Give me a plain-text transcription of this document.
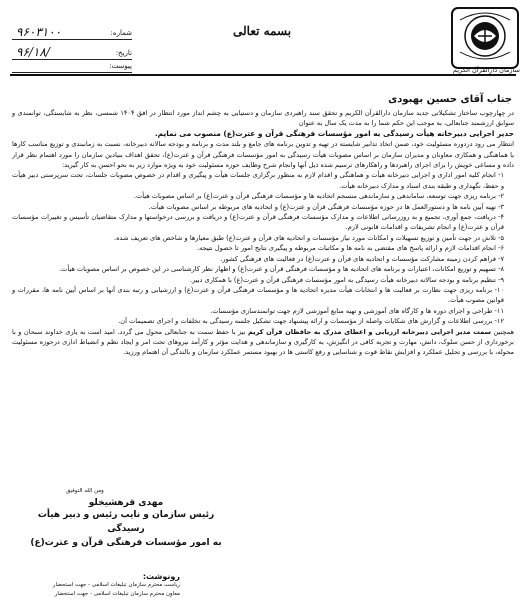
سازمان دارالقرآن الکریم
بسمه تعالی
شماره:
۹۶۰۳۱۰۰
تاریخ:
۹۶/۱۸/
پیوست:
جناب آقای حسین بهبودی

در چهارچوب ساختار تشکیلاتی جدید سازمان دارالقرآن الکریم و تحقق سند راهبردی سازمان و دستیابی به چشم انداز مورد انتظار در افق ۱۴۰۴ شمسی، نظر به شایستگی، توانمندی و سوابق ارزشمند جنابعالی، به موجب این حکم شما را به مدت یک سال به عنوان

حدیر اجرایی دبیرخانه هیأت رسیدگی به امور مؤسسات فرهنگی قرآن و عترت(ع) منصوب می نمایم.

انتظار می رود دردوره مسئولیت خود، ضمن اتخاذ تدابیر شایسته در تهیه و تدوین برنامه های جامع و بلند مدت و برنامه و بودجه سالانه دبیرخانه، نسبت به زمانبندی و توزیع مناسب کارها با هماهنگی و همکاری معاونان و مدیران سازمان بر اساس مصوبات هیأت رسیدگی به امور مؤسسات فرهنگی قرآن و عترت(ع)، تحقق اهداف بنیادین سازمان را مورد اهتمام نظر قرار داده و مساعی خویش را برای اجرای راهبردها و راهکارهای ترسیم شده ذیل آنها وانجام شرح وظایف حوزه مسئولیت خود به ویژه موارد زیر به نحو احسن به کار گیرید:

۱- انجام کلیه امور اداری و اجرایی دبیرخانه هیأت و هماهنگی و اقدام لازم به منظور برگزاری جلسات هیأت و پیگیری و اقدام در خصوص مصوبات جلسات، تحت سرپرستی دبیر هیأت و حفظ، نگهداری و طبقه بندی اسناد و مدارک دبیرخانه هیأت.
۲- برنامه ریزی جهت توسعه، ساماندهی و سازماندهی منسجم اتحادیه ها و مؤسسات فرهنگی قرآن و عترت(ع) بر اساس مصوبات هیأت.
۳- تهیه آیین نامه ها و دستورالعمل ها در حوزه مؤسسات فرهنگی قرآن و عترت(ع) و اتحادیه های مربوطه بر اساس مصوبات هیأت.
۴- دریافت، جمع آوری، تجمیع و به روزرسانی اطلاعات و مدارک مؤسسات فرهنگی قرآن و عترت(ع) و دریافت و بررسی درخواستها و مدارک متقاضیان تأسیس و تغییرات مؤسسات قرآن و عترت(ع) و انجام تشریفات و اقدامات قانونی لازم.
۵- تلاش در جهت تأمین و توزیع تسهیلات و امکانات مورد نیاز مؤسسات و اتحادیه های قرآن و عترت(ع) طبق معیارها و شاخص های تعریف شده.
۶- انجام اقدامات لازم و ارائه پاسخ های مقتضی به نامه ها و مکاتبات مربوطه و پیگیری نتایج امور تا حصول نتیجه.
۷- فراهم کردن زمینه مشارکت مؤسسات و اتحادیه های قرآن و عترت(ع) در فعالیت های فرهنگی کشور.
۸- تسهیم و توزیع امکانات، اعتبارات و برنامه های اتحادیه ها و مؤسسات فرهنگی قرآن و عترت(ع) و اظهار نظر کارشناسی در این خصوص بر اساس مصوبات هیأت.
۹- تنظیم برنامه و بودجه سالانه دبیرخانه هیأت رسیدگی به امور مؤسسات فرهنگی قرآن و عترت(ع) با همکاری دبیر.
۱۰- برنامه ریزی جهت نظارت بر فعالیت ها و انتخابات هیأت مدیره اتحادیه ها و مؤسسات فرهنگی قرآن و عترت(ع) و ارزشیابی و رتبه بندی آنها بر اساس آیین نامه ها، مقررات و قوانین مصوب هیأت.
۱۱- طراحی و اجرای دوره ها و کارگاه های آموزشی و تهیه منابع آموزشی لازم جهت توانمندسازی مؤسسات.
۱۲- بررسی اطلاعات و گزارش های شکایات واصله از مؤسسات و ارائه پیشنهاد جهت تشکیل جلسه رسیدگی به تخلفات و اجرای تصمیمات آن.

همچنین سمت مدیر اجرایی دبیرخانه ارزیابی و اعطای مدرک به حافظان قرآن کریم نیز با حفظ سمت به جنابعالی محول می گردد. امید است به یاری خداوند سبحان و با برخورداری از حسن سلوک، دانش، مهارت و تجربه کافی در انگیزش، به کارگیری و سازماندهی و هدایت مؤثر و کارآمد نیروهای تحت امر و ایجاد نظم و انضباط اداری درحوزه مسئولیت محوله، با بررسی و تحلیل عملکرد و افزایش نقاط قوت و شناسایی و رفع کاستی ها در بهبود مستمر عملکرد سازمان و بالندگی آن اهتمام ورزید.

ومن الله التوفیق
مهدی قرهشیخلو
رئیس سازمان و نایب رئیس و دبیر هیأت رسیدگی
به امور مؤسسات فرهنگی قرآن و عترت(ع)
رونوشت:
ریاست محترم سازمان تبلیغات اسلامی - جهت استحضار
معاون محترم سازمان تبلیغات اسلامی - جهت استحضار
